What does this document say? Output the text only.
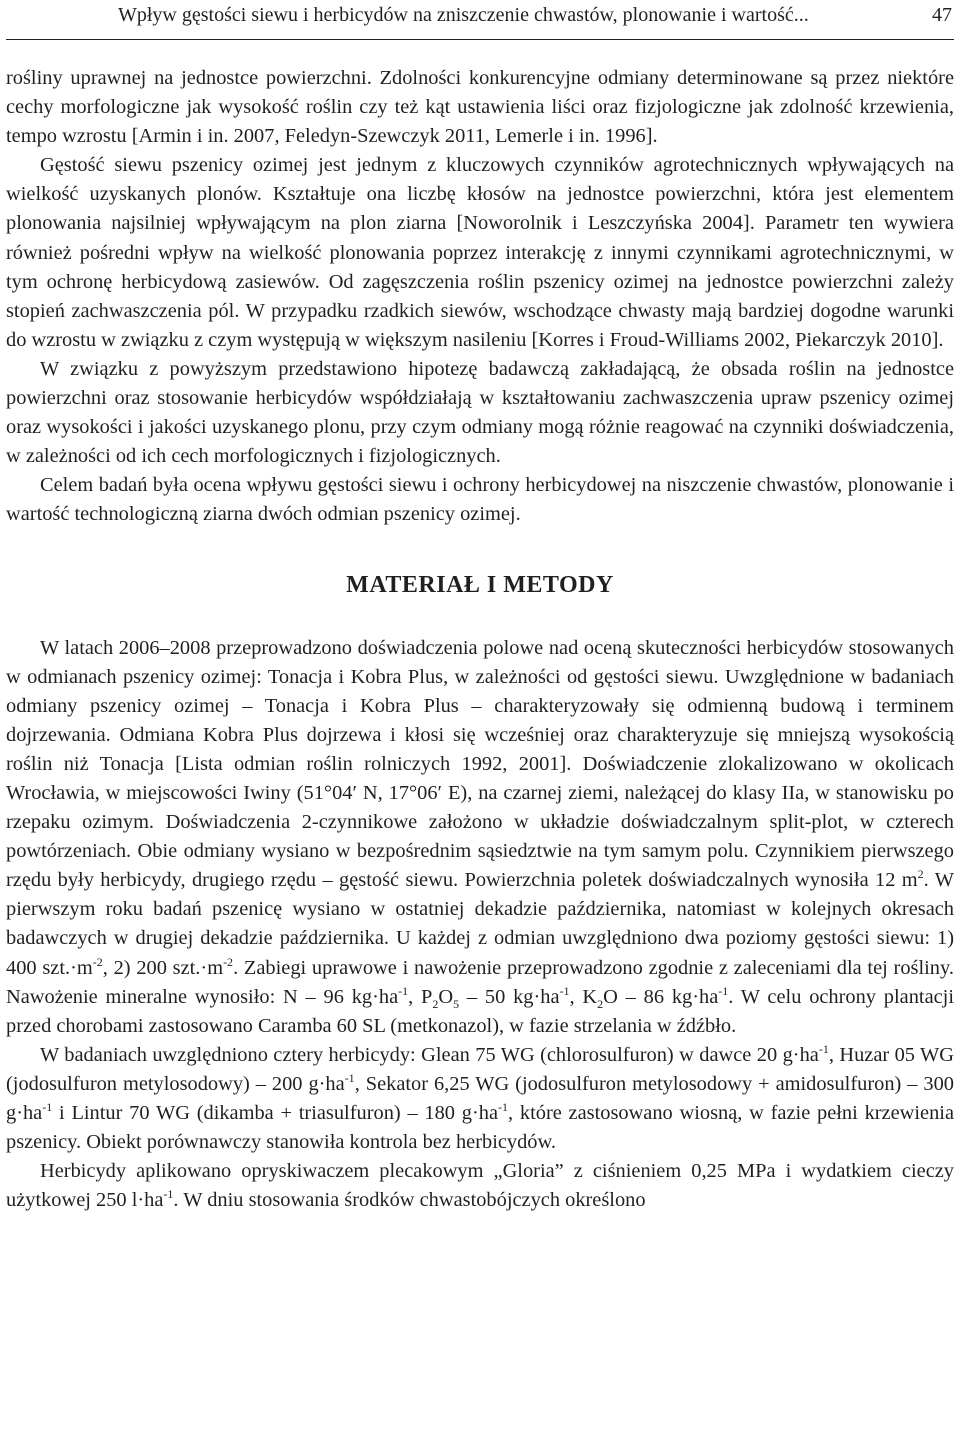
Wpływ gęstości siewu i herbicydów na zniszczenie chwastów, plonowanie i wartość...	47

rośliny uprawnej na jednostce powierzchni. Zdolności konkurencyjne odmiany determinowane są przez niektóre cechy morfologiczne jak wysokość roślin czy też kąt ustawienia liści oraz fizjologiczne jak zdolność krzewienia, tempo wzrostu [Armin i in. 2007, Feledyn-Szewczyk 2011, Lemerle i in. 1996].

Gęstość siewu pszenicy ozimej jest jednym z kluczowych czynników agrotechnicznych wpływających na wielkość uzyskanych plonów. Kształtuje ona liczbę kłosów na jednostce powierzchni, która jest elementem plonowania najsilniej wpływającym na plon ziarna [Noworolnik i Leszczyńska 2004]. Parametr ten wywiera również pośredni wpływ na wielkość plonowania poprzez interakcję z innymi czynnikami agrotechnicznymi, w tym ochronę herbicydową zasiewów. Od zagęszczenia roślin pszenicy ozimej na jednostce powierzchni zależy stopień zachwaszczenia pól. W przypadku rzadkich siewów, wschodzące chwasty mają bardziej dogodne warunki do wzrostu w związku z czym występują w większym nasileniu [Korres i Froud-Williams 2002, Piekarczyk 2010].

W związku z powyższym przedstawiono hipotezę badawczą zakładającą, że obsada roślin na jednostce powierzchni oraz stosowanie herbicydów współdziałają w kształtowaniu zachwaszczenia upraw pszenicy ozimej oraz wysokości i jakości uzyskanego plonu, przy czym odmiany mogą różnie reagować na czynniki doświadczenia, w zależności od ich cech morfologicznych i fizjologicznych.

Celem badań była ocena wpływu gęstości siewu i ochrony herbicydowej na niszczenie chwastów, plonowanie i wartość technologiczną ziarna dwóch odmian pszenicy ozimej.

MATERIAŁ I METODY

W latach 2006–2008 przeprowadzono doświadczenia polowe nad oceną skuteczności herbicydów stosowanych w odmianach pszenicy ozimej: Tonacja i Kobra Plus, w zależności od gęstości siewu. Uwzględnione w badaniach odmiany pszenicy ozimej – Tonacja i Kobra Plus – charakteryzowały się odmienną budową i terminem dojrzewania. Odmiana Kobra Plus dojrzewa i kłosi się wcześniej oraz charakteryzuje się mniejszą wysokością roślin niż Tonacja [Lista odmian roślin rolniczych 1992, 2001]. Doświadczenie zlokalizowano w okolicach Wrocławia, w miejscowości Iwiny (51°04′ N, 17°06′ E), na czarnej ziemi, należącej do klasy IIa, w stanowisku po rzepaku ozimym. Doświadczenia 2-czynnikowe założono w układzie doświadczalnym split-plot, w czterech powtórzeniach. Obie odmiany wysiano w bezpośrednim sąsiedztwie na tym samym polu. Czynnikiem pierwszego rzędu były herbicydy, drugiego rzędu – gęstość siewu. Powierzchnia poletek doświadczalnych wynosiła 12 $m^2$. W pierwszym roku badań pszenicę wysiano w ostatniej dekadzie października, natomiast w kolejnych okresach badawczych w drugiej dekadzie października. U każdej z odmian uwzględniono dwa poziomy gęstości siewu: 1) 400 $szt.\cdot m^{-2}$, 2) 200 $szt.\cdot m^{-2}$. Zabiegi uprawowe i nawożenie przeprowadzono zgodnie z zaleceniami dla tej rośliny. Nawożenie mineralne wynosiło: N – 96 $kg\cdot ha^{-1}$, $P_2O_5 - 50$ $kg\cdot ha^{-1}$, $K_2O - 86$ $kg\cdot ha^{-1}$. W celu ochrony plantacji przed chorobami zastosowano Caramba 60 SL (metkonazol), w fazie strzelania w źdźbło.

W badaniach uwzględniono cztery herbicydy: Glean 75 WG (chlorosulfuron) w dawce 20 $g\cdot ha^{-1}$, Huzar 05 WG (jodosulfuron metylosodowy) – 200 $g\cdot ha^{-1}$, Sekator 6,25 WG (jodosulfuron metylosodowy + amidosulfuron) – 300 $g\cdot ha^{-1}$ i Lintur 70 WG (dikamba + triasulfuron) – 180 $g\cdot ha^{-1}$, które zastosowano wiosną, w fazie pełni krzewienia pszenicy. Obiekt porównawczy stanowiła kontrola bez herbicydów.

Herbicydy aplikowano opryskiwaczem plecakowym „Gloria” z ciśnieniem 0,25 MPa i wydatkiem cieczy użytkowej 250 $l\cdot ha^{-1}$. W dniu stosowania środków chwastobójczych określono
